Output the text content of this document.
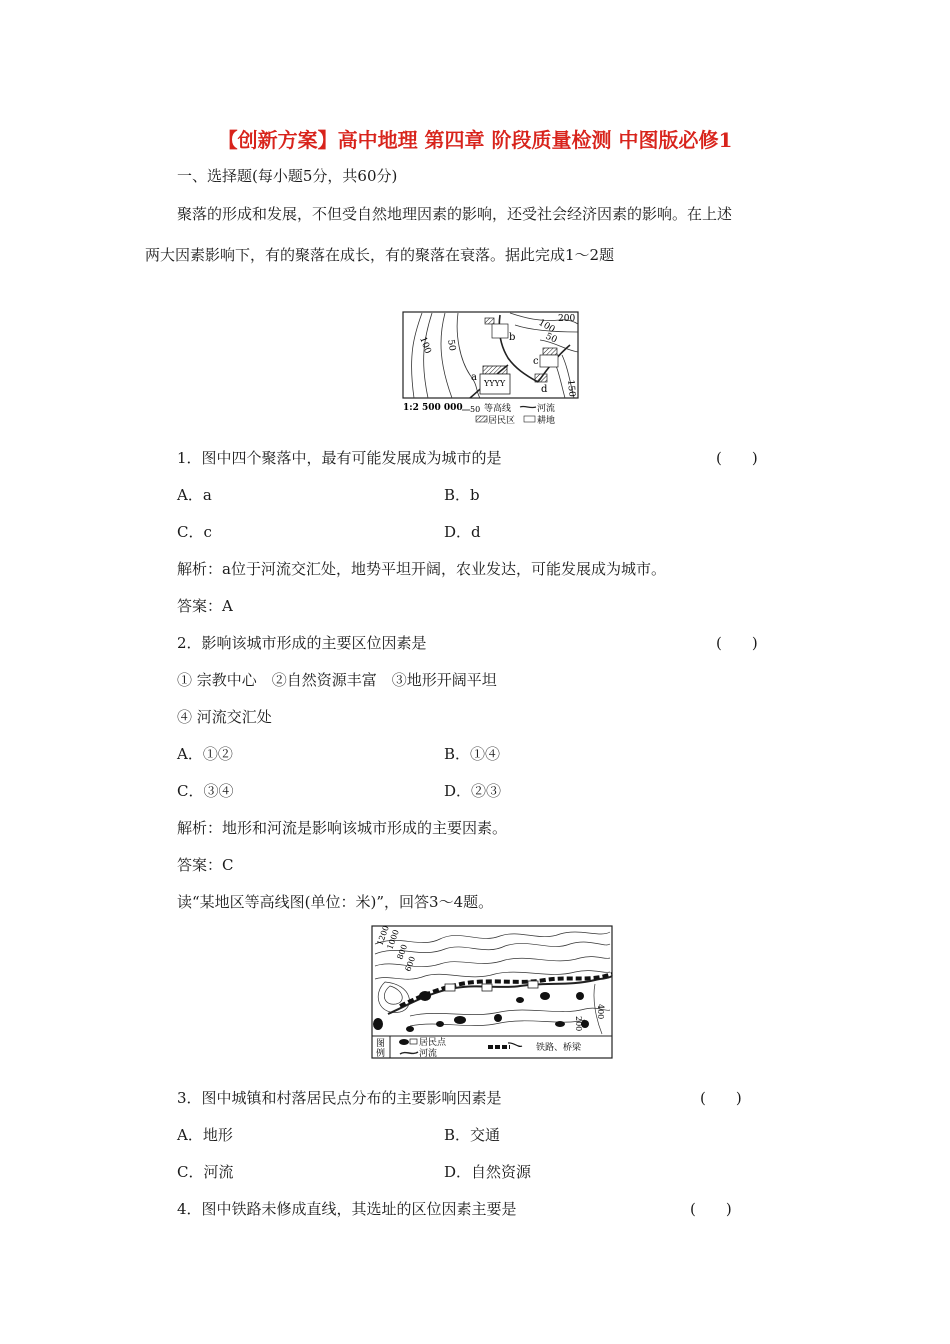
【创新方案】高中地理 第四章 阶段质量检测 中图版必修1
一、选择题(每小题5分，共60分)
聚落的形成和发展，不但受自然地理因素的影响，还受社会经济因素的影响。在上述
两大因素影响下，有的聚落在成长，有的聚落在衰落。据此完成1～2题
YYYY
100 50
100 200
50
150
a
b
c
d
1:2 500 000 50 等高线	河流
居民区 耕地
1．图中四个聚落中，最有可能发展成为城市的是	(　　)
A．a	B．b
C．c	D．d
解析：a位于河流交汇处，地势平坦开阔，农业发达，可能发展成为城市。
答案：A
2．影响该城市形成的主要区位因素是	(　　)
① 宗教中心　②自然资源丰富　③地形开阔平坦
④ 河流交汇处
A．①②	B．①④
C．③④	D．②③
解析：地形和河流是影响该城市形成的主要因素。
答案：C
读“某地区等高线图(单位：米)”，回答3～4题。
1200
1000
800
600
400
200
图
例
居民点
河流
铁路、桥梁
3．图中城镇和村落居民点分布的主要影响因素是	(　　)
A．地形	B．交通
C．河流	D．自然资源
4．图中铁路未修成直线，其选址的区位因素主要是	(　　)
